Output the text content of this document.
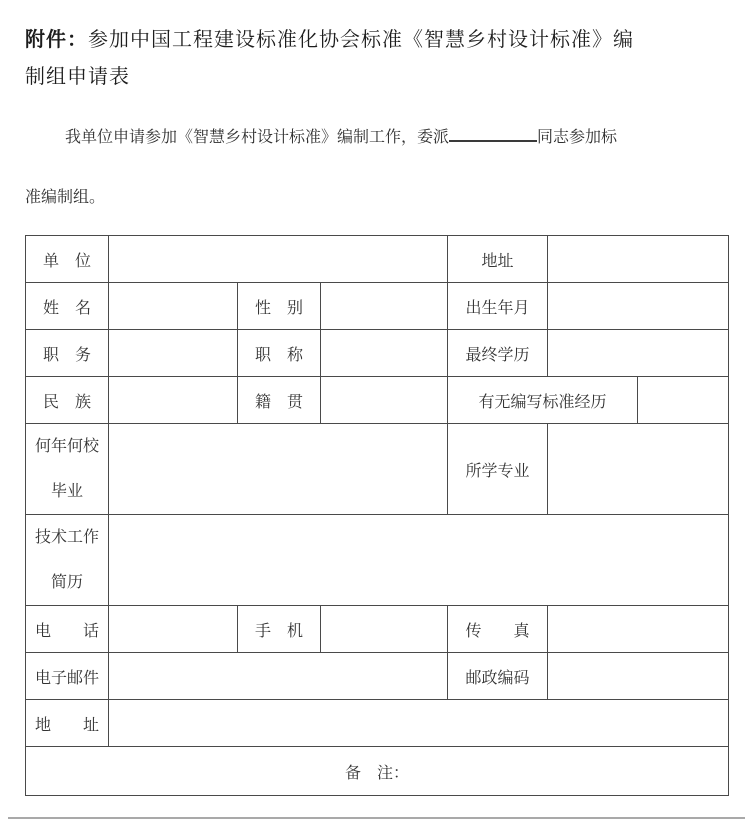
附件：参加中国工程建设标准化协会标准《智慧乡村设计标准》编
制组申请表
我单位申请参加《智慧乡村设计标准》编制工作，委派	同志参加标
准编制组。
单　位				地址		
姓　名		性　别		出生年月		
职　务		职　称		最终学历		
民　族		籍　贯		有无编写标准经历		

何年何校
毕业				所学专业		

技术工作
简历						

电　　话		手　机		传　　真		
电子邮件				邮政编码		
地　　址						
备　注：						
